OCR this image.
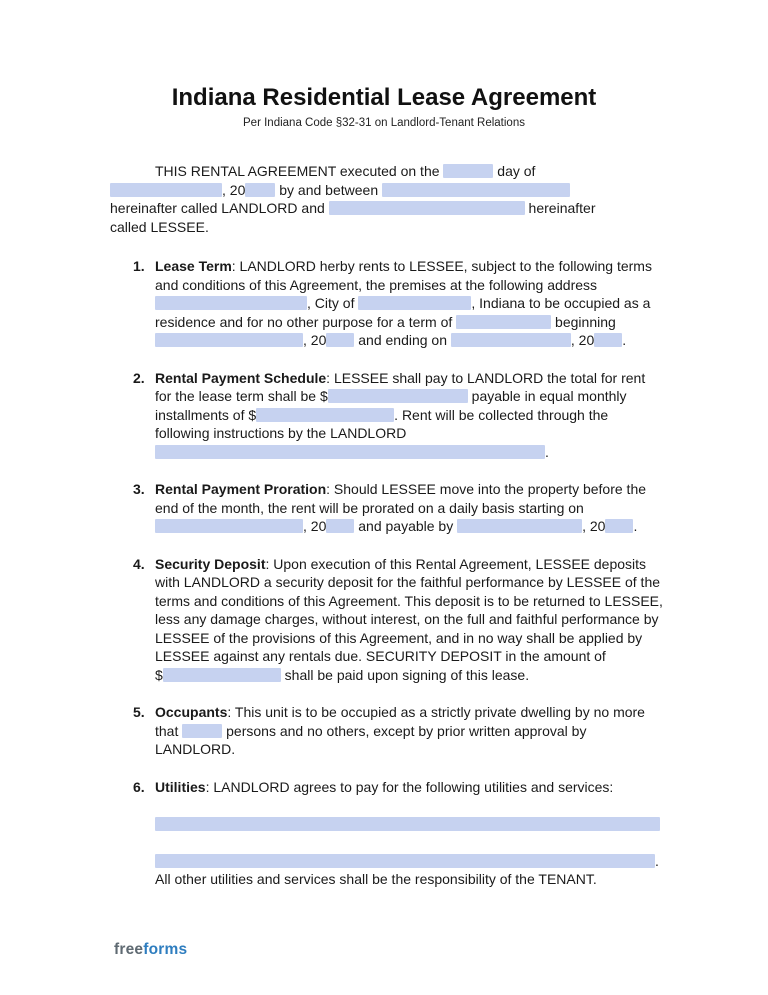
Indiana Residential Lease Agreement
Per Indiana Code §32-31 on Landlord-Tenant Relations

THIS RENTAL AGREEMENT executed on the	day of , 20 by and between  hereinafter called LANDLORD and	hereinafter called LESSEE.

1. Lease Term: LANDLORD herby rents to LESSEE, subject to the following terms and conditions of this Agreement, the premises at the following address , City of	, Indiana to be occupied as a residence and for no other purpose for a term of	beginning , 20 and ending on	, 20 .
2. Rental Payment Schedule: LESSEE shall pay to LANDLORD the total for rent for the lease term shall be $	payable in equal monthly installments of $	. Rent will be collected through the following instructions by the LANDLORD .
3. Rental Payment Proration: Should LESSEE move into the property before the end of the month, the rent will be prorated on a daily basis starting on , 20 and payable by	, 20 .
4. Security Deposit: Upon execution of this Rental Agreement, LESSEE deposits with LANDLORD a security deposit for the faithful performance by LESSEE of the terms and conditions of this Agreement. This deposit is to be returned to LESSEE, less any damage charges, without interest, on the full and faithful performance by LESSEE of the provisions of this Agreement, and in no way shall be applied by LESSEE against any rentals due. SECURITY DEPOSIT in the amount of
$	shall be paid upon signing of this lease.
5. Occupants: This unit is to be occupied as a strictly private dwelling by no more that	persons and no others, except by prior written approval by LANDLORD.
6. Utilities: LANDLORD agrees to pay for the following utilities and services:

.
All other utilities and services shall be the responsibility of the TENANT.
freeforms
